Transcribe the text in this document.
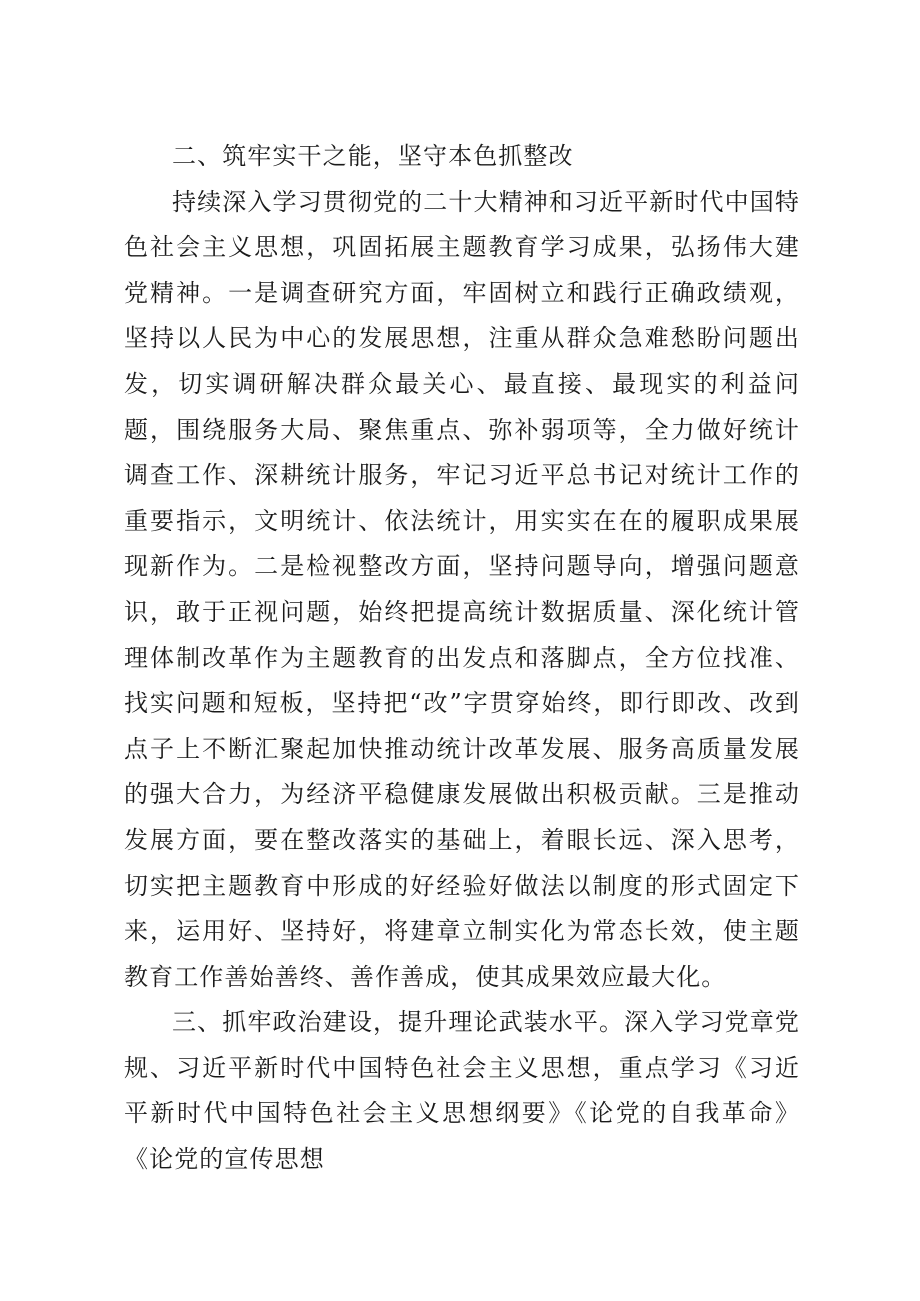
二、筑牢实干之能，坚守本色抓整改

持续深入学习贯彻党的二十大精神和习近平新时代中国特色社会主义思想，巩固拓展主题教育学习成果，弘扬伟大建党精神。一是调查研究方面，牢固树立和践行正确政绩观，坚持以人民为中心的发展思想，注重从群众急难愁盼问题出发，切实调研解决群众最关心、最直接、最现实的利益问题，围绕服务大局、聚焦重点、弥补弱项等，全力做好统计调查工作、深耕统计服务，牢记习近平总书记对统计工作的重要指示，文明统计、依法统计，用实实在在的履职成果展现新作为。二是检视整改方面，坚持问题导向，增强问题意识，敢于正视问题，始终把提高统计数据质量、深化统计管理体制改革作为主题教育的出发点和落脚点，全方位找准、找实问题和短板，坚持把“改”字贯穿始终，即行即改、改到点子上不断汇聚起加快推动统计改革发展、服务高质量发展的强大合力，为经济平稳健康发展做出积极贡献。三是推动发展方面，要在整改落实的基础上，着眼长远、深入思考，切实把主题教育中形成的好经验好做法以制度的形式固定下来，运用好、坚持好，将建章立制实化为常态长效，使主题教育工作善始善终、善作善成，使其成果效应最大化。

三、抓牢政治建设，提升理论武装水平。深入学习党章党规、习近平新时代中国特色社会主义思想，重点学习《习近平新时代中国特色社会主义思想纲要》《论党的自我革命》《论党的宣传思想
